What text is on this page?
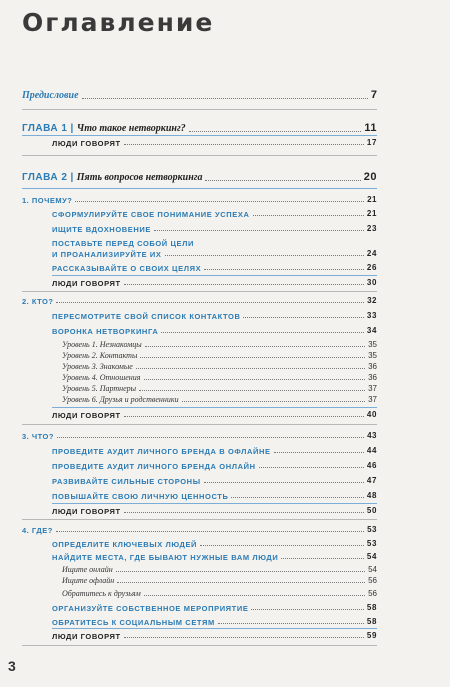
Оглавление
Предисловие	7
ГЛАВА 1 | Что такое нетворкинг?	11
ЛЮДИ ГОВОРЯТ	17
ГЛАВА 2 | Пять вопросов нетворкинга	20
1. ПОЧЕМУ?	21
СФОРМУЛИРУЙТЕ СВОЕ ПОНИМАНИЕ УСПЕХА	21
ИЩИТЕ ВДОХНОВЕНИЕ	23
ПОСТАВЬТЕ ПЕРЕД СОБОЙ ЦЕЛИ
И ПРОАНАЛИЗИРУЙТЕ ИХ	24
РАССКАЗЫВАЙТЕ О СВОИХ ЦЕЛЯХ	26
ЛЮДИ ГОВОРЯТ	30
2. КТО?	32
ПЕРЕСМОТРИТЕ СВОЙ СПИСОК КОНТАКТОВ	33
ВОРОНКА НЕТВОРКИНГА	34
Уровень 1. Незнакомцы	35
Уровень 2. Контакты	35
Уровень 3. Знакомые	36
Уровень 4. Отношения	36
Уровень 5. Партнеры	37
Уровень 6. Друзья и родственники	37
ЛЮДИ ГОВОРЯТ	40
3. ЧТО?	43
ПРОВЕДИТЕ АУДИТ ЛИЧНОГО БРЕНДА В ОФЛАЙНЕ	44
ПРОВЕДИТЕ АУДИТ ЛИЧНОГО БРЕНДА ОНЛАЙН	46
РАЗВИВАЙТЕ СИЛЬНЫЕ СТОРОНЫ	47
ПОВЫШАЙТЕ СВОЮ ЛИЧНУЮ ЦЕННОСТЬ	48
ЛЮДИ ГОВОРЯТ	50
4. ГДЕ?	53
ОПРЕДЕЛИТЕ КЛЮЧЕВЫХ ЛЮДЕЙ	53
НАЙДИТЕ МЕСТА, ГДЕ БЫВАЮТ НУЖНЫЕ ВАМ ЛЮДИ	54
Ищите онлайн	54
Ищите офлайн	56
Обратитесь к друзьям	56
ОРГАНИЗУЙТЕ СОБСТВЕННОЕ МЕРОПРИЯТИЕ	58
ОБРАТИТЕСЬ К СОЦИАЛЬНЫМ СЕТЯМ	58
ЛЮДИ ГОВОРЯТ	59
3
